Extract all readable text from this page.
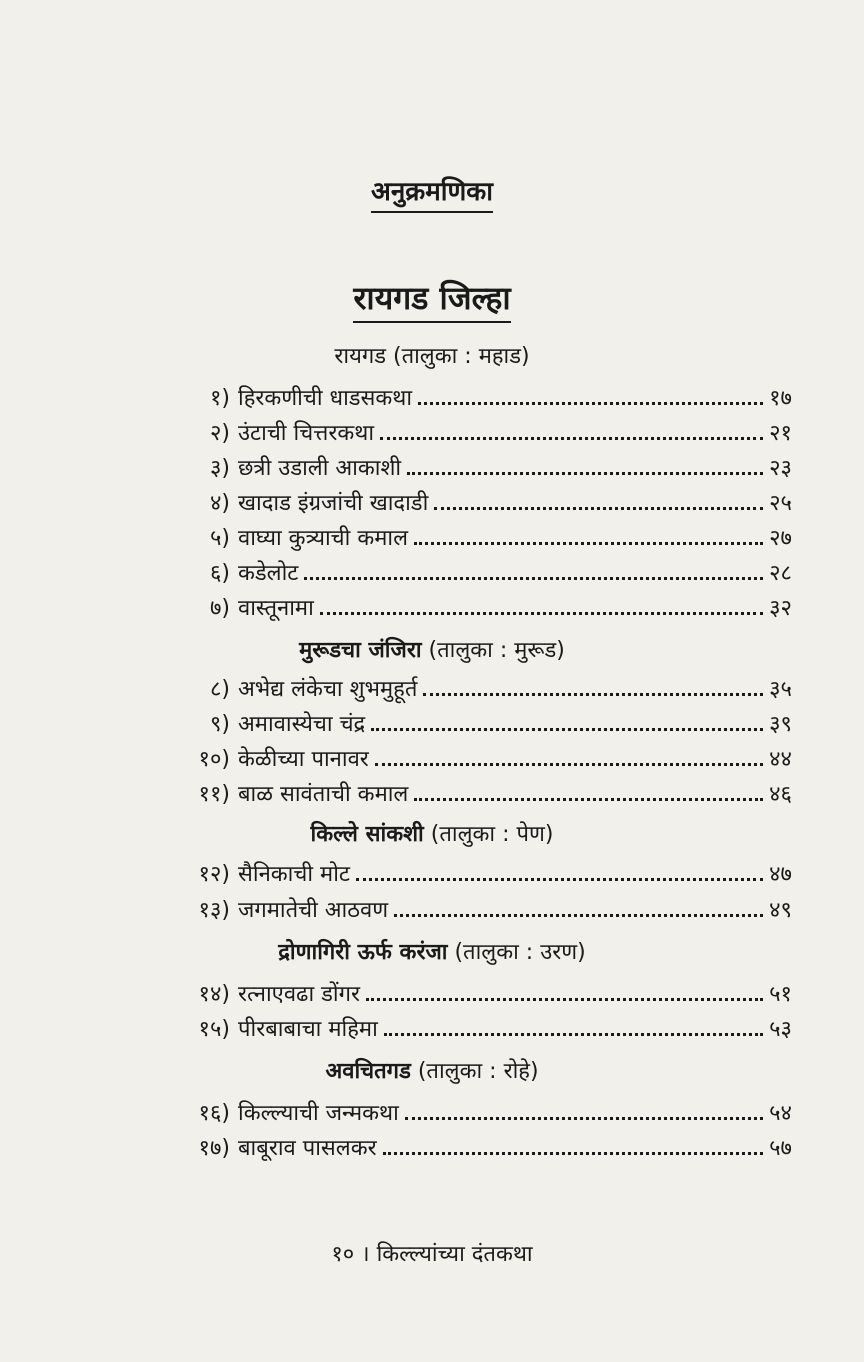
अनुक्रमणिका
रायगड जिल्हा
रायगड (तालुका : महाड)
१) हिरकणीची धाडसकथा	१७
२) उंटाची चित्तरकथा	२१
३) छत्री उडाली आकाशी	२३
४) खादाड इंग्रजांची खादाडी	२५
५) वाघ्या कुत्र्याची कमाल	२७
६) कडेलोट	२८
७) वास्तूनामा	३२
मुरूडचा जंजिरा (तालुका : मुरूड)
८) अभेद्य लंकेचा शुभमुहूर्त	३५
९) अमावास्येचा चंद्र	३९
१०) केळीच्या पानावर	४४
११) बाळ सावंताची कमाल	४६
किल्ले सांकशी (तालुका : पेण)
१२) सैनिकाची मोट	४७
१३) जगमातेची आठवण	४९
द्रोणागिरी ऊर्फ करंजा (तालुका : उरण)
१४) रत्नाएवढा डोंगर	५१
१५) पीरबाबाचा महिमा	५३
अवचितगड (तालुका : रोहे)
१६) किल्ल्याची जन्मकथा	५४
१७) बाबूराव पासलकर	५७
१० । किल्ल्यांच्या दंतकथा
